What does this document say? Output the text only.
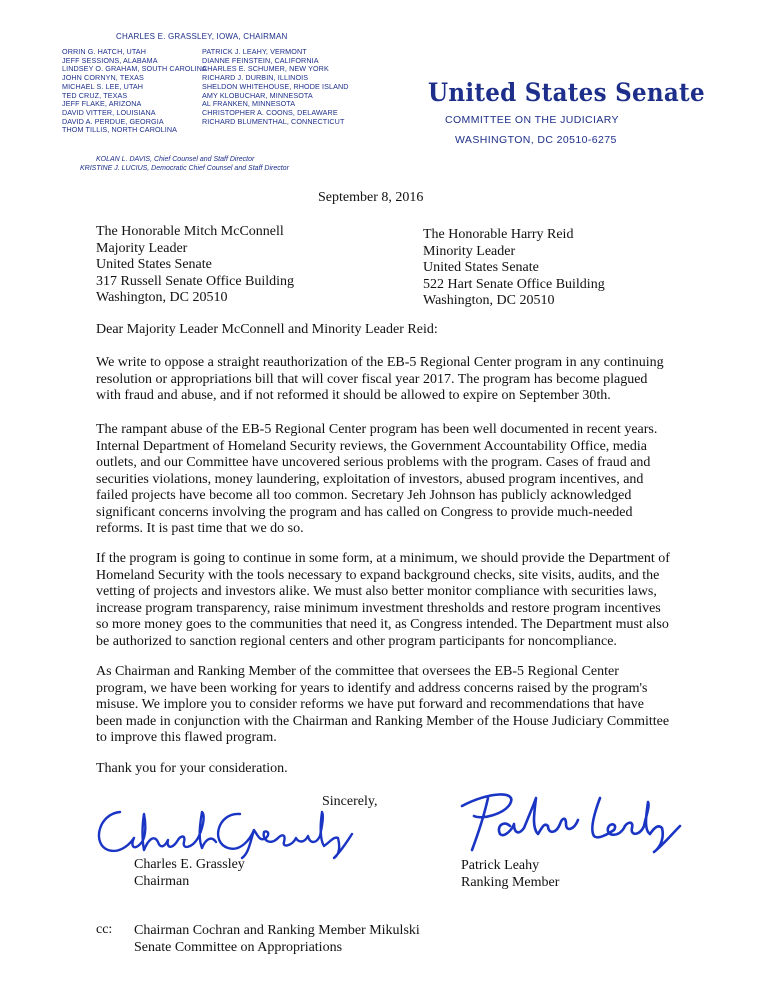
CHARLES E. GRASSLEY, IOWA, CHAIRMAN
ORRIN G. HATCH, UTAH
JEFF SESSIONS, ALABAMA
LINDSEY O. GRAHAM, SOUTH CAROLINA
JOHN CORNYN, TEXAS
MICHAEL S. LEE, UTAH
TED CRUZ, TEXAS
JEFF FLAKE, ARIZONA
DAVID VITTER, LOUISIANA
DAVID A. PERDUE, GEORGIA
THOM TILLIS, NORTH CAROLINA
PATRICK J. LEAHY, VERMONT
DIANNE FEINSTEIN, CALIFORNIA
CHARLES E. SCHUMER, NEW YORK
RICHARD J. DURBIN, ILLINOIS
SHELDON WHITEHOUSE, RHODE ISLAND
AMY KLOBUCHAR, MINNESOTA
AL FRANKEN, MINNESOTA
CHRISTOPHER A. COONS, DELAWARE
RICHARD BLUMENTHAL, CONNECTICUT
KOLAN L. DAVIS, Chief Counsel and Staff Director
KRISTINE J. LUCIUS, Democratic Chief Counsel and Staff Director
United States Senate
COMMITTEE ON THE JUDICIARY
WASHINGTON, DC 20510-6275
September 8, 2016
The Honorable Mitch McConnell
Majority Leader
United States Senate
317 Russell Senate Office Building
Washington, DC 20510
The Honorable Harry Reid
Minority Leader
United States Senate
522 Hart Senate Office Building
Washington, DC 20510
Dear Majority Leader McConnell and Minority Leader Reid:
We write to oppose a straight reauthorization of the EB-5 Regional Center program in any continuing
resolution or appropriations bill that will cover fiscal year 2017. The program has become plagued
with fraud and abuse, and if not reformed it should be allowed to expire on September 30th.
The rampant abuse of the EB-5 Regional Center program has been well documented in recent years.
Internal Department of Homeland Security reviews, the Government Accountability Office, media
outlets, and our Committee have uncovered serious problems with the program. Cases of fraud and
securities violations, money laundering, exploitation of investors, abused program incentives, and
failed projects have become all too common. Secretary Jeh Johnson has publicly acknowledged
significant concerns involving the program and has called on Congress to provide much-needed
reforms. It is past time that we do so.
If the program is going to continue in some form, at a minimum, we should provide the Department of
Homeland Security with the tools necessary to expand background checks, site visits, audits, and the
vetting of projects and investors alike. We must also better monitor compliance with securities laws,
increase program transparency, raise minimum investment thresholds and restore program incentives
so more money goes to the communities that need it, as Congress intended. The Department must also
be authorized to sanction regional centers and other program participants for noncompliance.
As Chairman and Ranking Member of the committee that oversees the EB-5 Regional Center
program, we have been working for years to identify and address concerns raised by the program's
misuse. We implore you to consider reforms we have put forward and recommendations that have
been made in conjunction with the Chairman and Ranking Member of the House Judiciary Committee
to improve this flawed program.
Thank you for your consideration.
Sincerely,
Charles E. Grassley
Chairman
Patrick Leahy
Ranking Member
cc: Chairman Cochran and Ranking Member Mikulski
Senate Committee on Appropriations
